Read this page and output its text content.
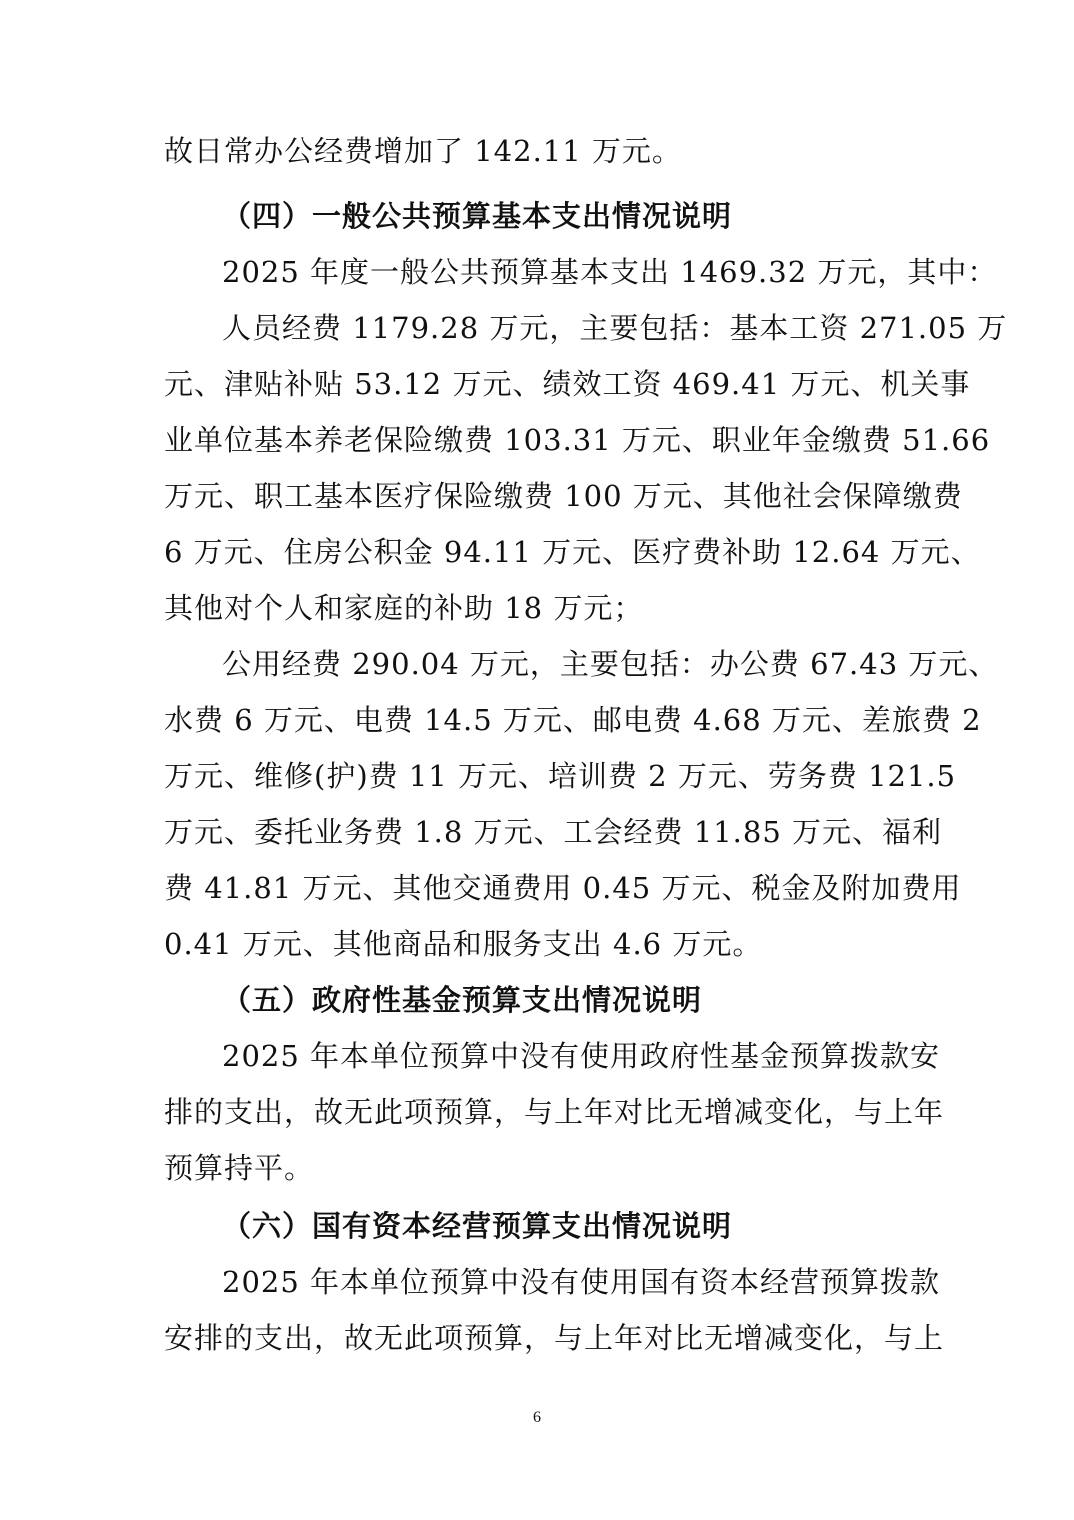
故日常办公经费增加了 142.11 万元。
（四）一般公共预算基本支出情况说明
2025 年度一般公共预算基本支出 1469.32 万元，其中：
人员经费 1179.28 万元，主要包括：基本工资 271.05 万
元、津贴补贴 53.12 万元、绩效工资 469.41 万元、机关事
业单位基本养老保险缴费 103.31 万元、职业年金缴费 51.66
万元、职工基本医疗保险缴费 100 万元、其他社会保障缴费
6 万元、住房公积金 94.11 万元、医疗费补助 12.64 万元、
其他对个人和家庭的补助 18 万元；
公用经费 290.04 万元，主要包括：办公费 67.43 万元、
水费 6 万元、电费 14.5 万元、邮电费 4.68 万元、差旅费 2
万元、维修(护)费 11 万元、培训费 2 万元、劳务费 121.5
万元、委托业务费 1.8 万元、工会经费 11.85 万元、福利
费 41.81 万元、其他交通费用 0.45 万元、税金及附加费用
0.41 万元、其他商品和服务支出 4.6 万元。
（五）政府性基金预算支出情况说明
2025 年本单位预算中没有使用政府性基金预算拨款安
排的支出，故无此项预算，与上年对比无增减变化，与上年
预算持平。
（六）国有资本经营预算支出情况说明
2025 年本单位预算中没有使用国有资本经营预算拨款
安排的支出，故无此项预算，与上年对比无增减变化，与上
6
